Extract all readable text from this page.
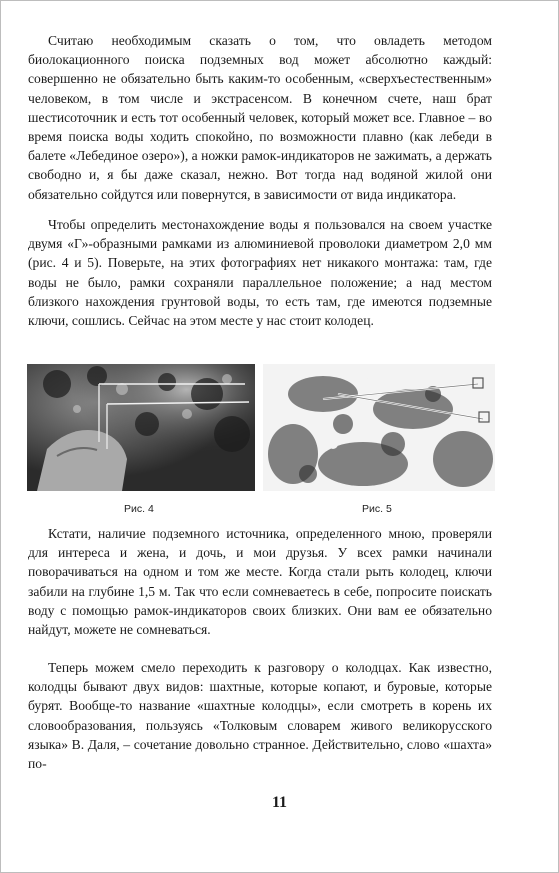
Считаю необходимым сказать о том, что овладеть методом биолокационного поиска подземных вод может абсолютно каждый: совершенно не обязательно быть каким-то особенным, «сверхъестественным» человеком, в том числе и экстрасенсом. В конечном счете, наш брат шестисоточник и есть тот особенный человек, который может все. Главное – во время поиска воды ходить спокойно, по возможности плавно (как лебеди в балете «Лебединое озеро»), а ножки рамок-индикаторов не зажимать, а держать свободно и, я бы даже сказал, нежно. Вот тогда над водяной жилой они обязательно сойдутся или повернутся, в зависимости от вида индикатора.

Чтобы определить местонахождение воды я пользовался на своем участке двумя «Г»-образными рамками из алюминиевой проволоки диаметром 2,0 мм (рис. 4 и 5). Поверьте, на этих фотографиях нет никакого монтажа: там, где воды не было, рамки сохраняли параллельное положение; а над местом близкого нахождения грунтовой воды, то есть там, где имеются подземные ключи, сошлись. Сейчас на этом месте у нас стоит колодец.

Рис. 4	Рис. 5

Кстати, наличие подземного источника, определенного мною, проверяли для интереса и жена, и дочь, и мои друзья. У всех рамки начинали поворачиваться на одном и том же месте. Когда стали рыть колодец, ключи забили на глубине 1,5 м. Так что если сомневаетесь в себе, попросите поискать воду с помощью рамок-индикаторов своих близких. Они вам ее обязательно найдут, можете не сомневаться.

Теперь можем смело переходить к разговору о колодцах. Как известно, колодцы бывают двух видов: шахтные, которые копают, и буровые, которые бурят. Вообще-то название «шахтные колодцы», если смотреть в корень их словообразования, пользуясь «Толковым словарем живого великорусского языка» В. Даля, – сочетание довольно странное. Действительно, слово «шахта» по-

11
